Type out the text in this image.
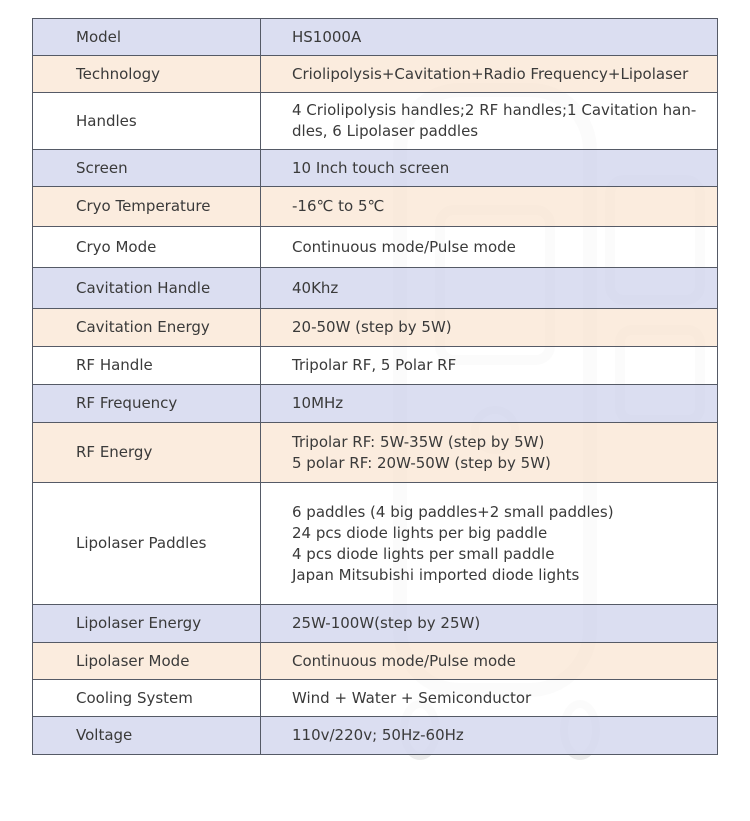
Model	HS1000A

Technology	Criolipolysis+Cavitation+Radio Frequency+Lipolaser

Handles	4 Criolipolysis handles;2 RF handles;1 Cavitation han-
dles, 6 Lipolaser paddles

Screen	10 Inch touch screen

Cryo Temperature	-16℃ to 5℃

Cryo Mode	Continuous mode/Pulse mode

Cavitation Handle	40Khz

Cavitation Energy	20-50W (step by 5W)

RF Handle	Tripolar RF, 5 Polar RF

RF Frequency	10MHz

RF Energy	Tripolar RF: 5W-35W (step by 5W)
5 polar RF: 20W-50W (step by 5W)

Lipolaser Paddles	6 paddles (4 big paddles+2 small paddles)
24 pcs diode lights per big paddle
4 pcs diode lights per small paddle
Japan Mitsubishi imported diode lights

Lipolaser Energy	25W-100W(step by 25W)

Lipolaser Mode	Continuous mode/Pulse mode

Cooling System	Wind + Water + Semiconductor

Voltage	110v/220v; 50Hz-60Hz
